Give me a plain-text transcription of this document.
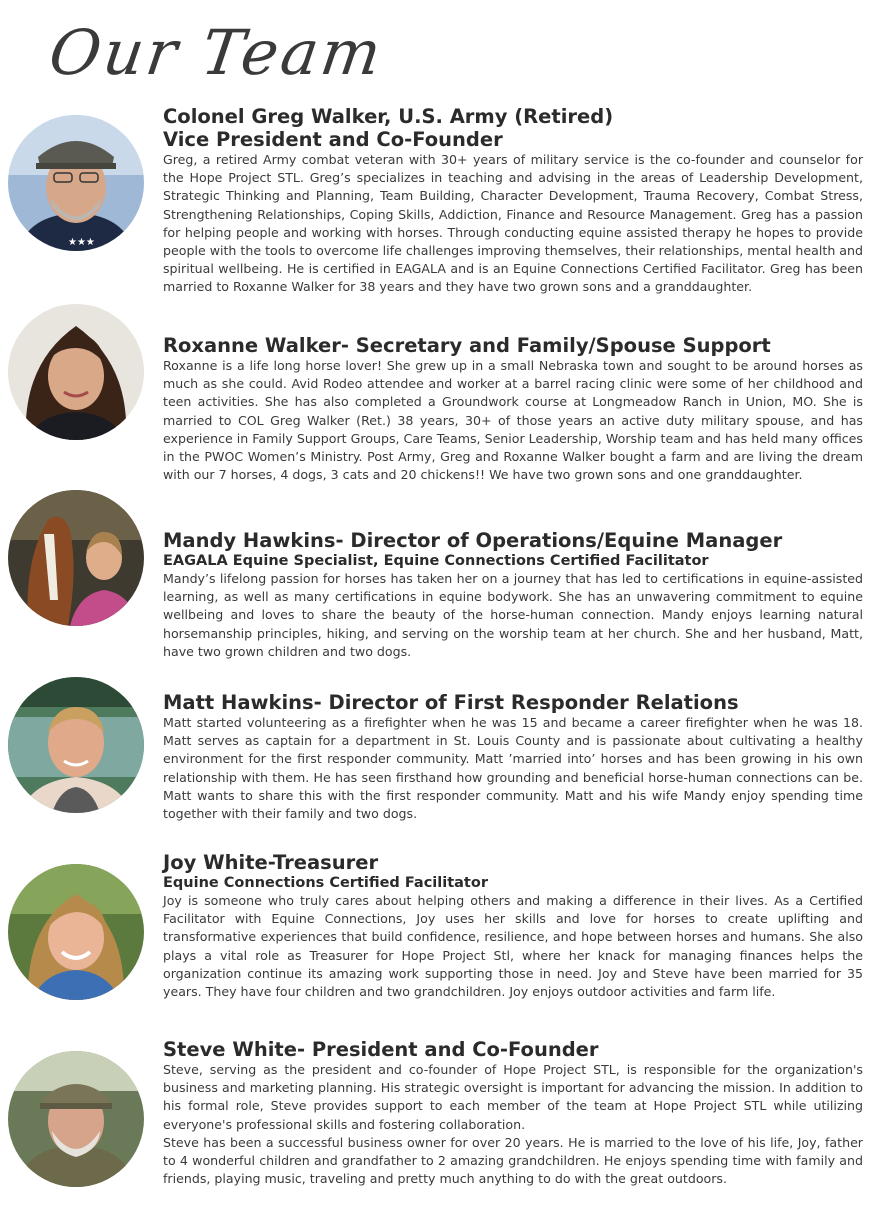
Our Team
★★★

Colonel Greg Walker, U.S. Army (Retired)

Vice President and Co-Founder

Greg, a retired Army combat veteran with 30+ years of military service is the co-founder and counselor for the Hope Project STL. Greg’s specializes in teaching and advising in the areas of Leadership Development, Strategic Thinking and Planning, Team Building, Character Development, Trauma Recovery, Combat Stress, Strengthening Relationships, Coping Skills, Addiction, Finance and Resource Management. Greg has a passion for helping people and working with horses. Through conducting equine assisted therapy he hopes to provide people with the tools to overcome life challenges improving themselves, their relationships, mental health and spiritual wellbeing. He is certified in EAGALA and is an Equine Connections Certified Facilitator. Greg has been married to Roxanne Walker for 38 years and they have two grown sons and a granddaughter.

Roxanne Walker- Secretary and Family/Spouse Support

Roxanne is a life long horse lover! She grew up in a small Nebraska town and sought to be around horses as much as she could. Avid Rodeo attendee and worker at a barrel racing clinic were some of her childhood and teen activities. She has also completed a Groundwork course at Longmeadow Ranch in Union, MO. She is married to COL Greg Walker (Ret.) 38 years, 30+ of those years an active duty military spouse, and has experience in Family Support Groups, Care Teams, Senior Leadership, Worship team and has held many offices in the PWOC Women’s Ministry. Post Army, Greg and Roxanne Walker bought a farm and are living the dream with our 7 horses, 4 dogs, 3 cats and 20 chickens!! We have two grown sons and one granddaughter.

Mandy Hawkins- Director of Operations/Equine Manager

EAGALA Equine Specialist, Equine Connections Certified Facilitator

Mandy’s lifelong passion for horses has taken her on a journey that has led to certifications in equine-assisted learning, as well as many certifications in equine bodywork. She has an unwavering commitment to equine wellbeing and loves to share the beauty of the horse-human connection. Mandy enjoys learning natural horsemanship principles, hiking, and serving on the worship team at her church. She and her husband, Matt, have two grown children and two dogs.

Matt Hawkins- Director of First Responder Relations

Matt started volunteering as a firefighter when he was 15 and became a career firefighter when he was 18. Matt serves as captain for a department in St. Louis County and is passionate about cultivating a healthy environment for the first responder community. Matt ’married into’ horses and has been growing in his own relationship with them. He has seen firsthand how grounding and beneficial horse-human connections can be. Matt wants to share this with the first responder community. Matt and his wife Mandy enjoy spending time together with their family and two dogs.

Joy White-Treasurer

Equine Connections Certified Facilitator

Joy is someone who truly cares about helping others and making a difference in their lives. As a Certified Facilitator with Equine Connections, Joy uses her skills and love for horses to create uplifting and transformative experiences that build confidence, resilience, and hope between horses and humans. She also plays a vital role as Treasurer for Hope Project Stl, where her knack for managing finances helps the organization continue its amazing work supporting those in need. Joy and Steve have been married for 35 years. They have four children and two grandchildren. Joy enjoys outdoor activities and farm life.

Steve White- President and Co-Founder

Steve, serving as the president and co-founder of Hope Project STL, is responsible for the organization's business and marketing planning. His strategic oversight is important for advancing the mission. In addition to his formal role, Steve provides support to each member of the team at Hope Project STL while utilizing everyone's professional skills and fostering collaboration.

Steve has been a successful business owner for over 20 years. He is married to the love of his life, Joy, father to 4 wonderful children and grandfather to 2 amazing grandchildren. He enjoys spending time with family and friends, playing music, traveling and pretty much anything to do with the great outdoors.
